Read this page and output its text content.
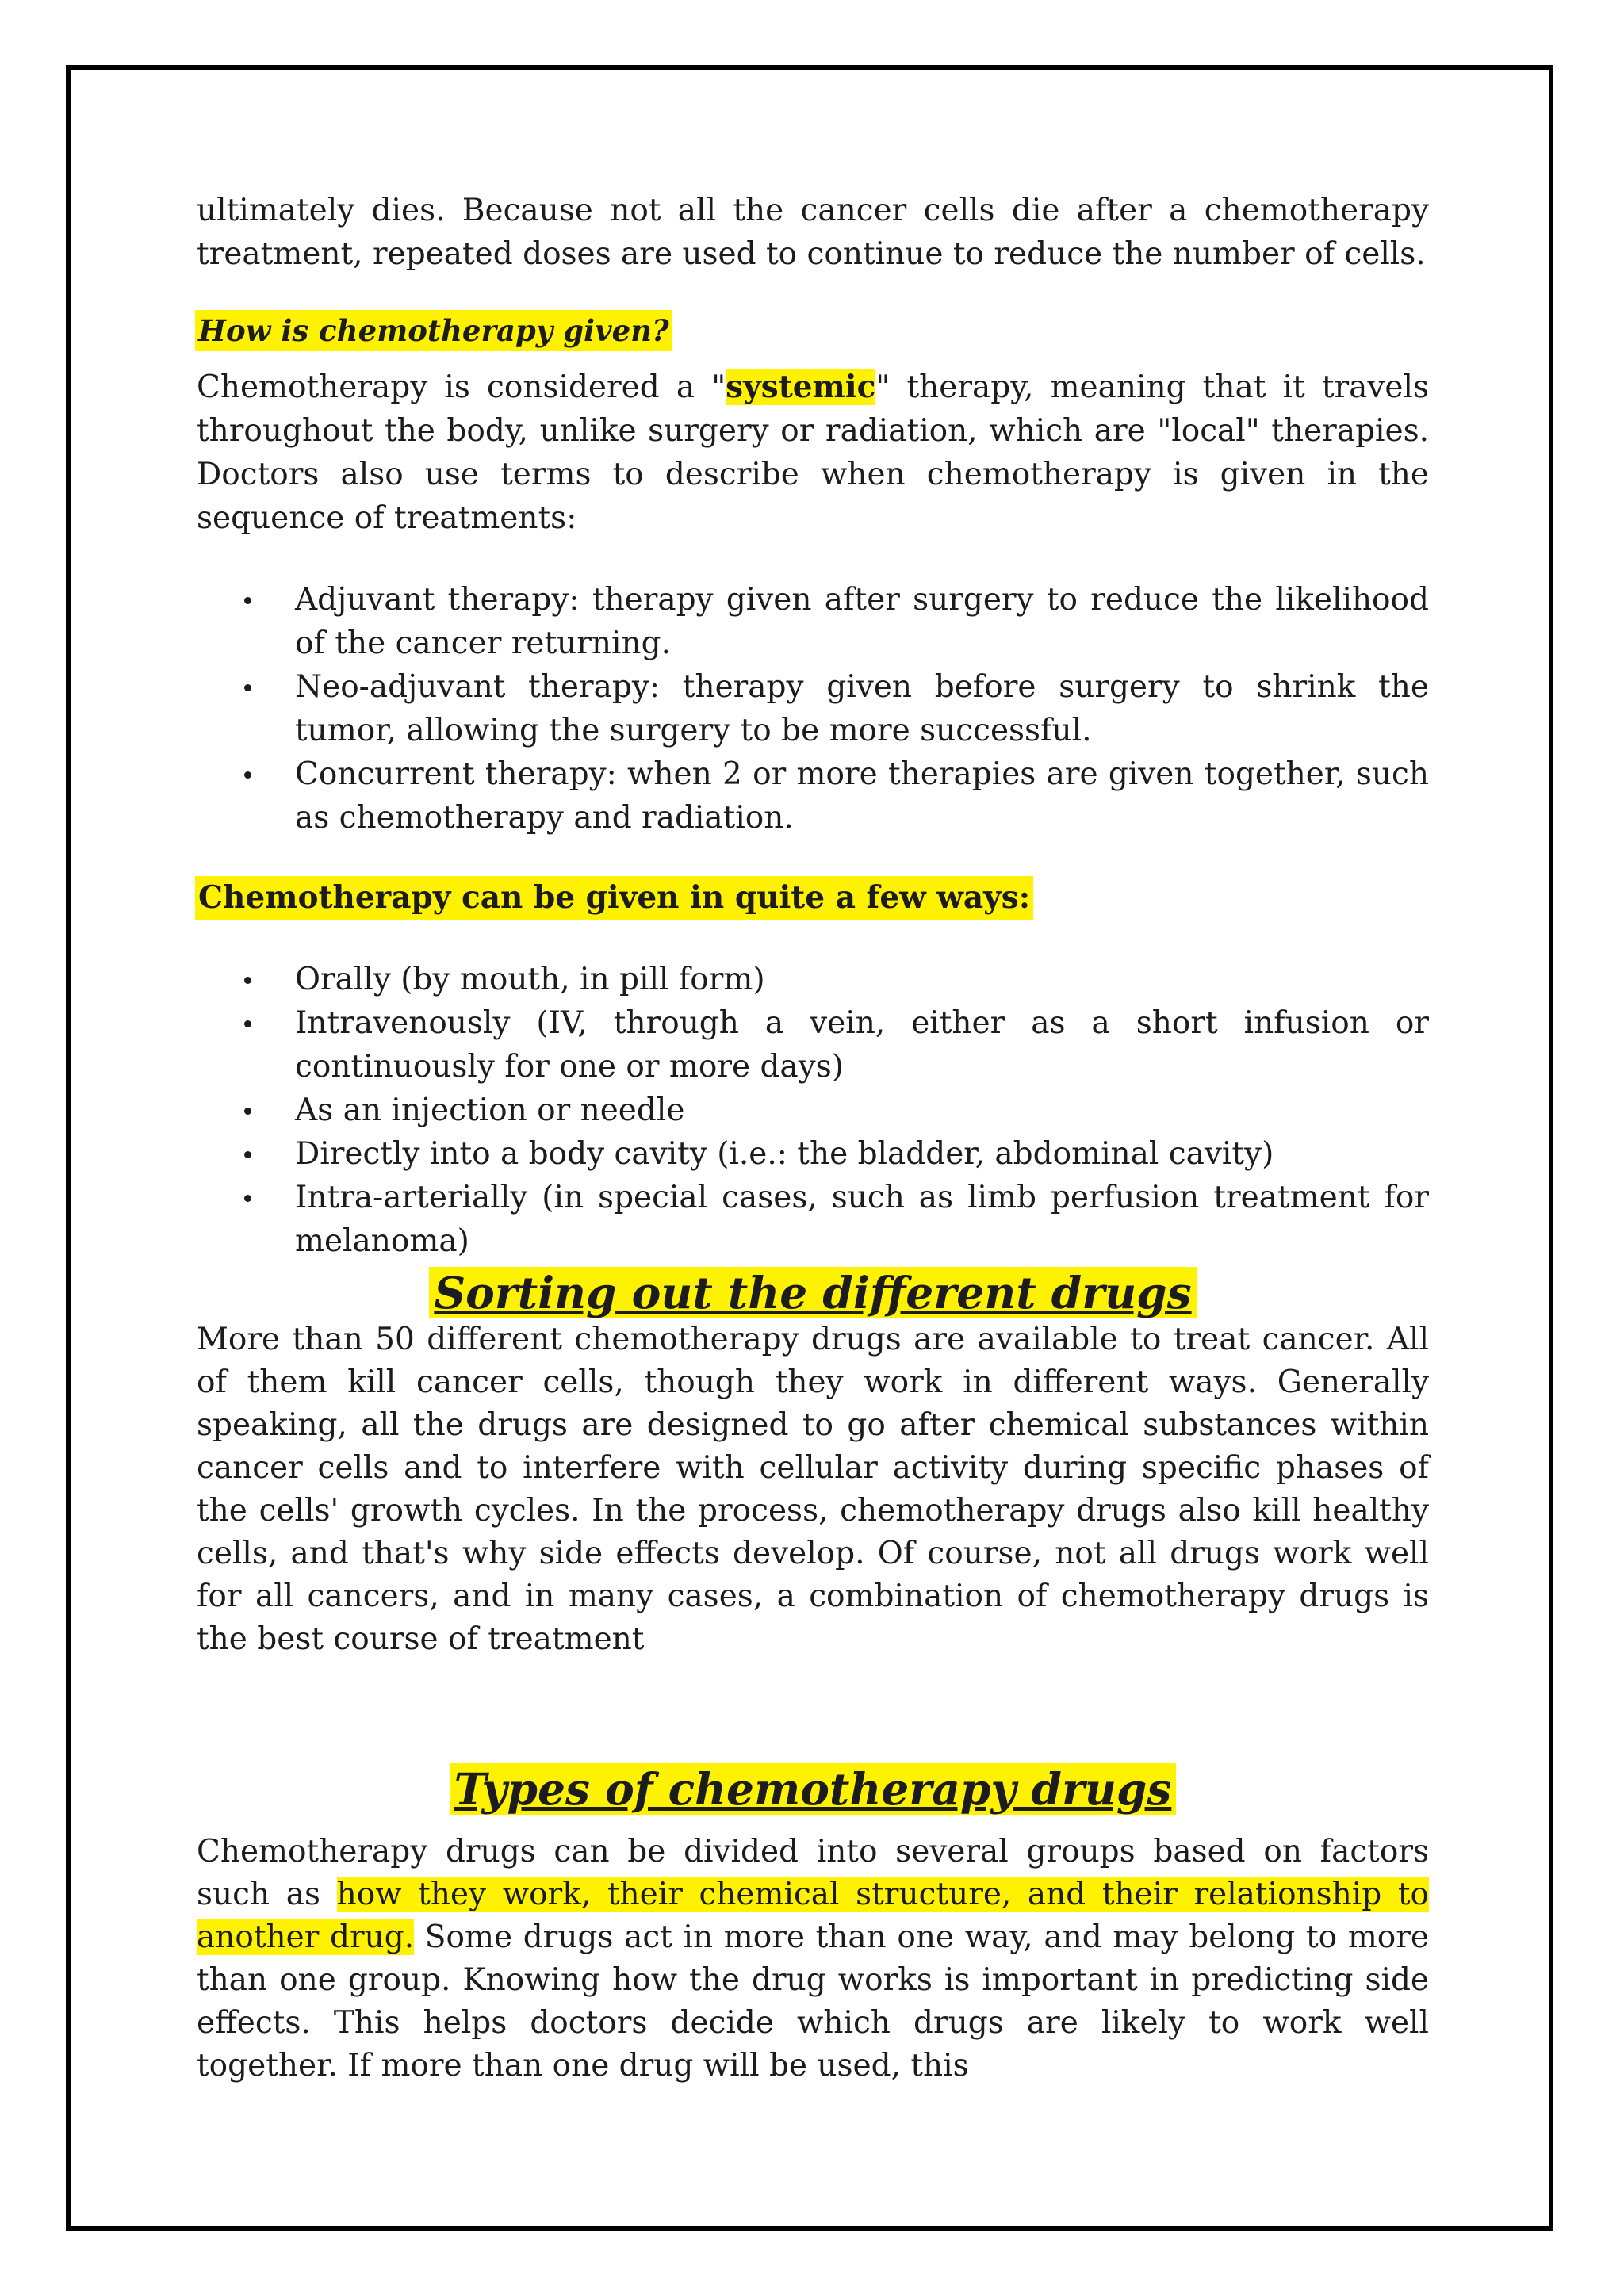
ultimately dies. Because not all the cancer cells die after a chemotherapy treatment, repeated doses are used to continue to reduce the number of cells.

How is chemotherapy given?

Chemotherapy is considered a "systemic" therapy, meaning that it travels throughout the body, unlike surgery or radiation, which are "local" therapies. Doctors also use terms to describe when chemotherapy is given in the sequence of treatments:

Adjuvant therapy: therapy given after surgery to reduce the likelihood of the cancer returning.
Neo-adjuvant therapy: therapy given before surgery to shrink the tumor, allowing the surgery to be more successful.
Concurrent therapy: when 2 or more therapies are given together, such as chemotherapy and radiation.
Chemotherapy can be given in quite a few ways:
Orally (by mouth, in pill form)
Intravenously (IV, through a vein, either as a short infusion or continuously for one or more days)
As an injection or needle
Directly into a body cavity (i.e.: the bladder, abdominal cavity)
Intra-arterially (in special cases, such as limb perfusion treatment for melanoma)
Sorting out the different drugs

More than 50 different chemotherapy drugs are available to treat cancer. All of them kill cancer cells, though they work in different ways. Generally speaking, all the drugs are designed to go after chemical substances within cancer cells and to interfere with cellular activity during specific phases of the cells' growth cycles. In the process, chemotherapy drugs also kill healthy cells, and that's why side effects develop. Of course, not all drugs work well for all cancers, and in many cases, a combination of chemotherapy drugs is the best course of treatment

Types of chemotherapy drugs

Chemotherapy drugs can be divided into several groups based on factors such as how they work, their chemical structure, and their relationship to another drug. Some drugs act in more than one way, and may belong to more than one group. Knowing how the drug works is important in predicting side effects. This helps doctors decide which drugs are likely to work well together. If more than one drug will be used, this
